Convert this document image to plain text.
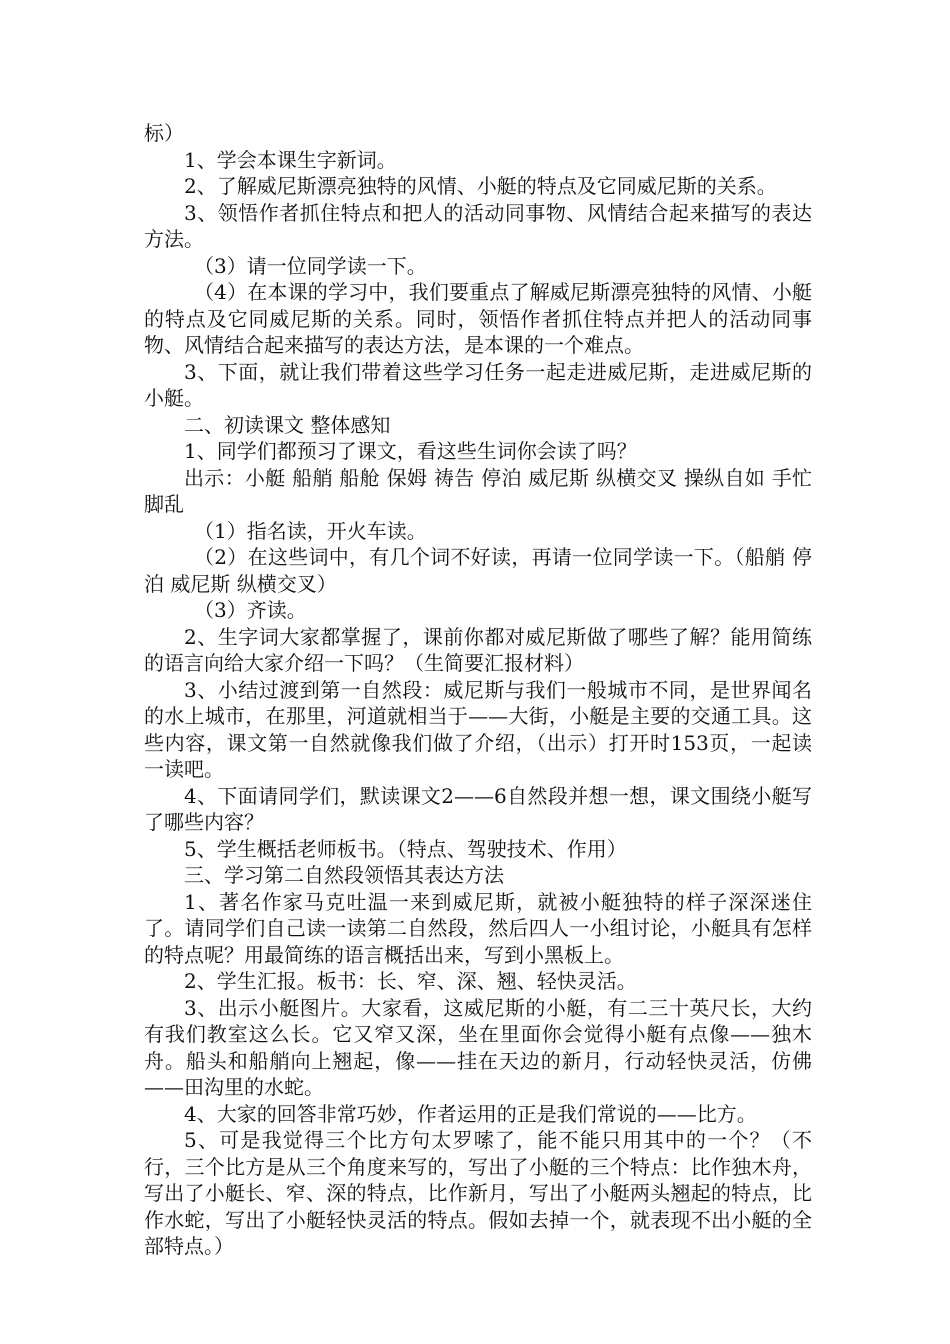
标）

1、学会本课生字新词。

2、了解威尼斯漂亮独特的风情、小艇的特点及它同威尼斯的关系。

3、领悟作者抓住特点和把人的活动同事物、风情结合起来描写的表达方法。

（3）请一位同学读一下。

（4）在本课的学习中，我们要重点了解威尼斯漂亮独特的风情、小艇的特点及它同威尼斯的关系。同时，领悟作者抓住特点并把人的活动同事物、风情结合起来描写的表达方法，是本课的一个难点。

3、下面，就让我们带着这些学习任务一起走进威尼斯，走进威尼斯的小艇。

二、初读课文 整体感知

1、同学们都预习了课文，看这些生词你会读了吗？

出示：小艇 船艄 船舱 保姆 祷告 停泊 威尼斯 纵横交叉 操纵自如 手忙脚乱

（1）指名读，开火车读。

（2）在这些词中，有几个词不好读，再请一位同学读一下。（船艄 停泊 威尼斯 纵横交叉）

（3）齐读。

2、生字词大家都掌握了，课前你都对威尼斯做了哪些了解？能用简练的语言向给大家介绍一下吗？（生简要汇报材料）

3、小结过渡到第一自然段：威尼斯与我们一般城市不同，是世界闻名的水上城市，在那里，河道就相当于——大街，小艇是主要的交通工具。这些内容，课文第一自然就像我们做了介绍，（出示）打开时153页，一起读一读吧。

4、下面请同学们，默读课文2——6自然段并想一想，课文围绕小艇写了哪些内容？

5、学生概括老师板书。（特点、驾驶技术、作用）

三、学习第二自然段领悟其表达方法

1、著名作家马克吐温一来到威尼斯，就被小艇独特的样子深深迷住了。请同学们自己读一读第二自然段，然后四人一小组讨论，小艇具有怎样的特点呢？用最简练的语言概括出来，写到小黑板上。

2、学生汇报。板书：长、窄、深、翘、轻快灵活。

3、出示小艇图片。大家看，这威尼斯的小艇，有二三十英尺长，大约有我们教室这么长。它又窄又深，坐在里面你会觉得小艇有点像——独木舟。船头和船艄向上翘起，像——挂在天边的新月，行动轻快灵活，仿佛——田沟里的水蛇。

4、大家的回答非常巧妙，作者运用的正是我们常说的——比方。

5、可是我觉得三个比方句太罗嗦了，能不能只用其中的一个？（不行，三个比方是从三个角度来写的，写出了小艇的三个特点：比作独木舟，写出了小艇长、窄、深的特点，比作新月，写出了小艇两头翘起的特点，比作水蛇，写出了小艇轻快灵活的特点。假如去掉一个，就表现不出小艇的全部特点。）
